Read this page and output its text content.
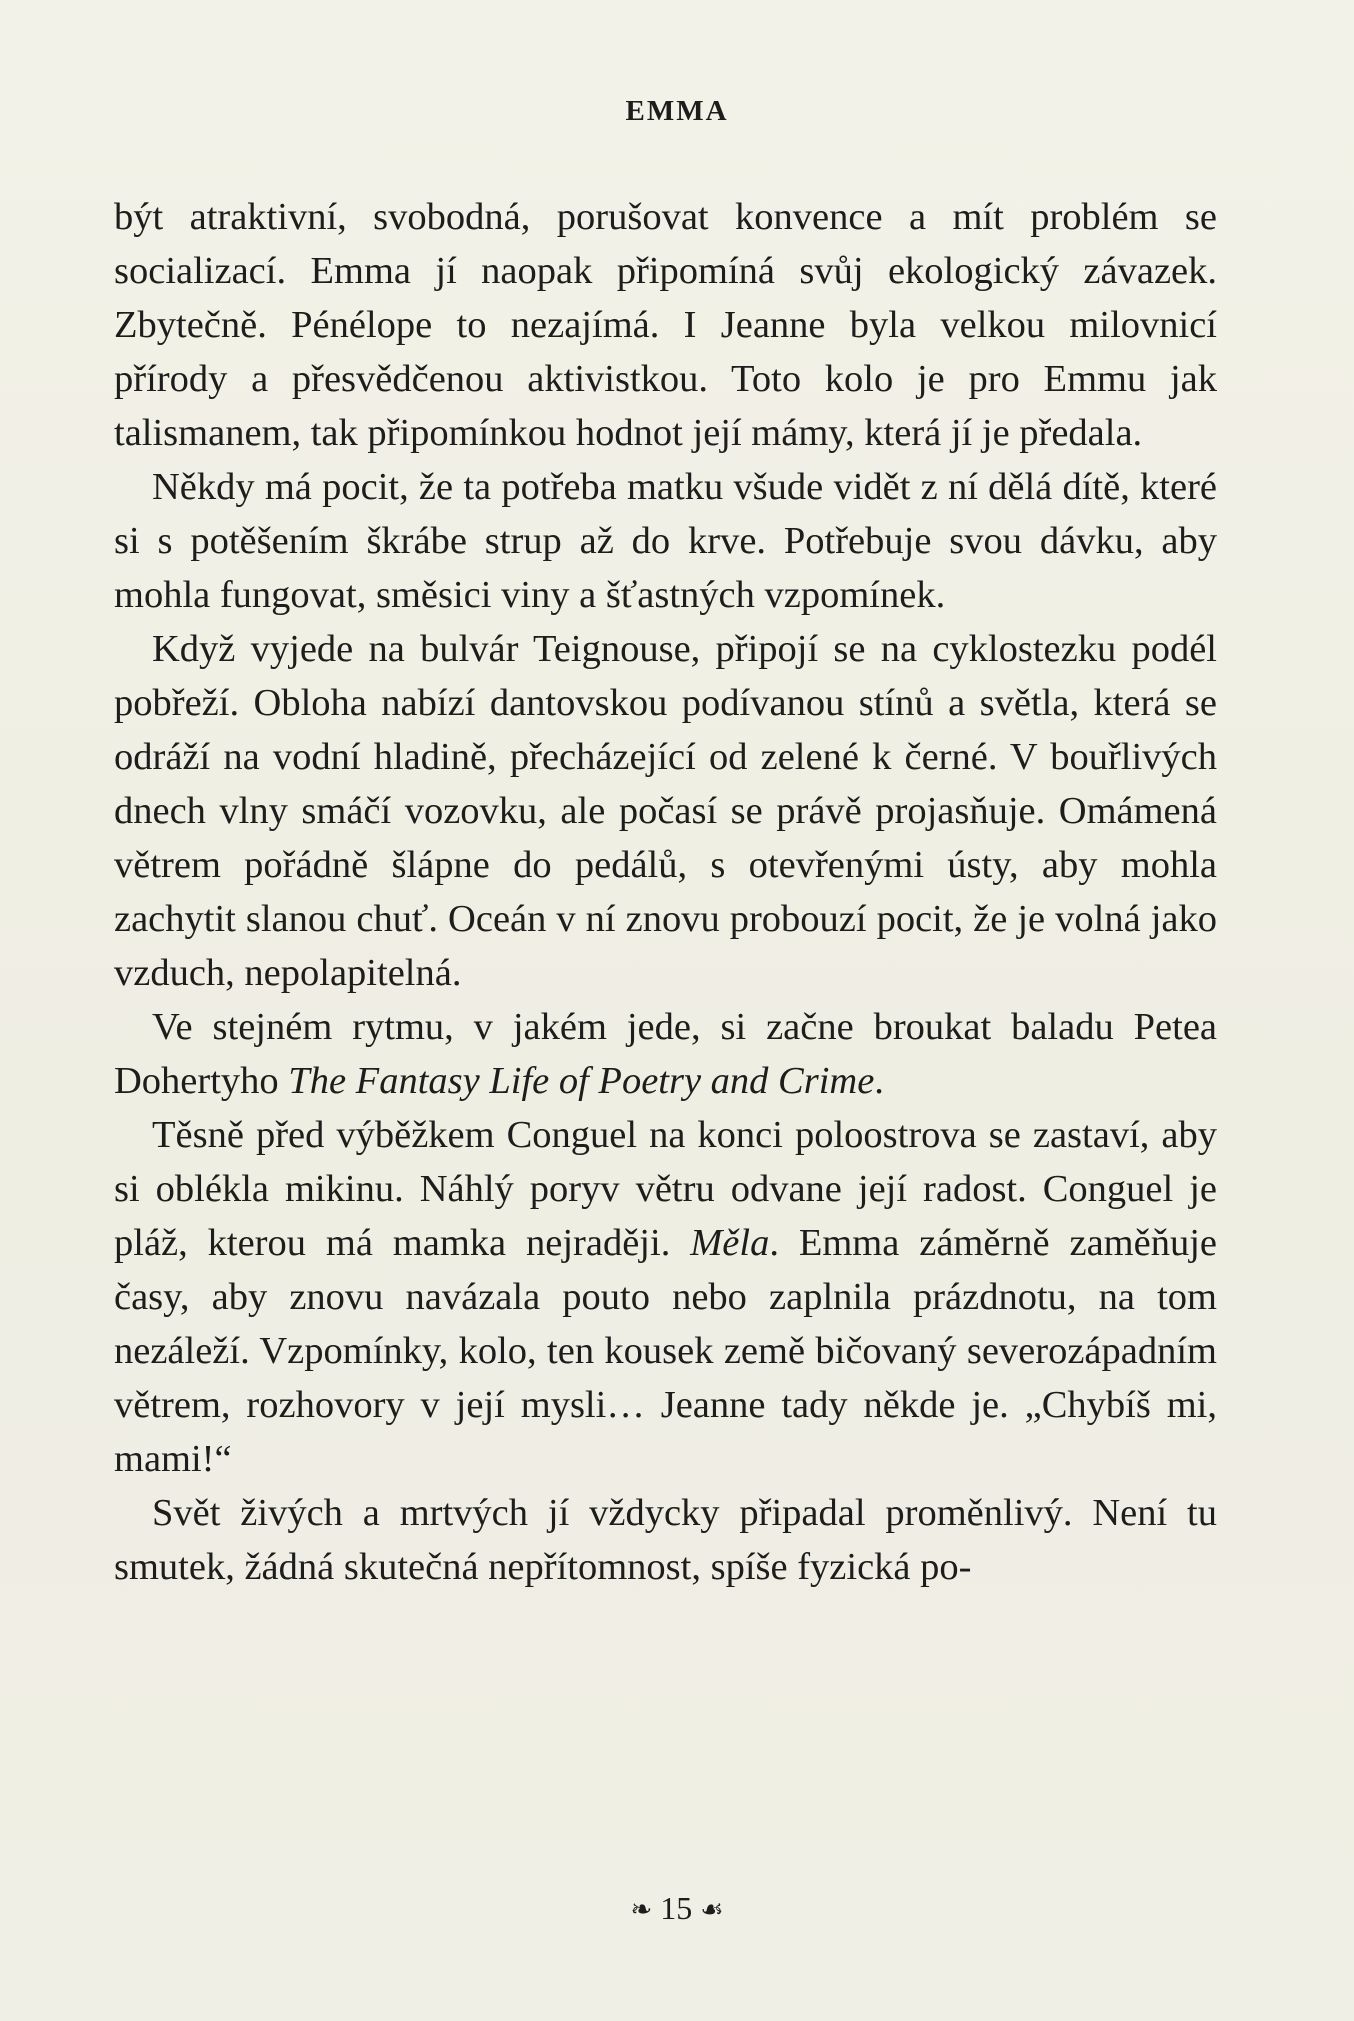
EMMA

být atraktivní, svobodná, porušovat konvence a mít problém se socializací. Emma jí naopak připomíná svůj ekologický závazek. Zbytečně. Pénélope to nezajímá. I Jeanne byla velkou milovnicí přírody a přesvědčenou aktivistkou. Toto kolo je pro Emmu jak talismanem, tak připomínkou hodnot její mámy, která jí je předala.

Někdy má pocit, že ta potřeba matku všude vidět z ní dělá dítě, které si s potěšením škrábe strup až do krve. Potřebuje svou dávku, aby mohla fungovat, směsici viny a šťastných vzpomínek.

Když vyjede na bulvár Teignouse, připojí se na cyklostezku podél pobřeží. Obloha nabízí dantovskou podívanou stínů a světla, která se odráží na vodní hladině, přecházející od zelené k černé. V bouřlivých dnech vlny smáčí vozovku, ale počasí se právě projasňuje. Omámená větrem pořádně šlápne do pedálů, s otevřenými ústy, aby mohla zachytit slanou chuť. Oceán v ní znovu probouzí pocit, že je volná jako vzduch, nepolapitelná.

Ve stejném rytmu, v jakém jede, si začne broukat baladu Petea Dohertyho The Fantasy Life of Poetry and Crime.

Těsně před výběžkem Conguel na konci poloostrova se zastaví, aby si oblékla mikinu. Náhlý poryv větru odvane její radost. Conguel je pláž, kterou má mamka nejraději. Měla. Emma záměrně zaměňuje časy, aby znovu navázala pouto nebo zaplnila prázdnotu, na tom nezáleží. Vzpomínky, kolo, ten kousek země bičovaný severozápadním větrem, rozhovory v její mysli… Jeanne tady někde je. „Chybíš mi, mami!“

Svět živých a mrtvých jí vždycky připadal proměnlivý. Není tu smutek, žádná skutečná nepřítomnost, spíše fyzická po-

❧ 15 ☙
